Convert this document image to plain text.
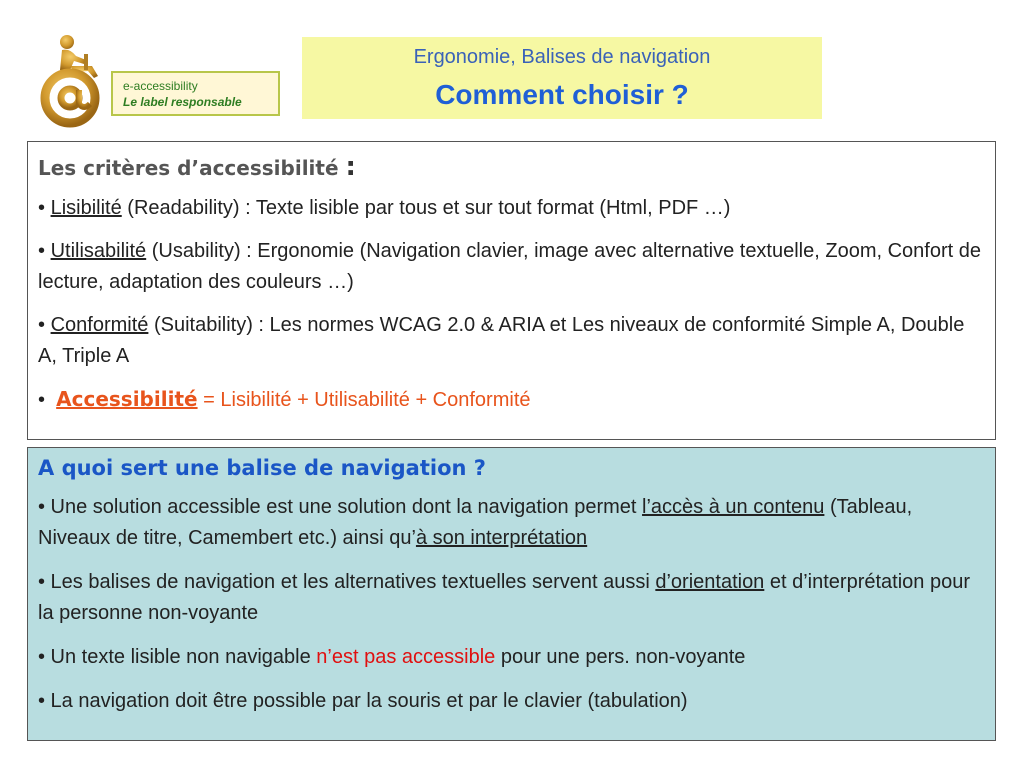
e-accessibility
Le label responsable
Ergonomie, Balises de navigation
Comment choisir ?
Les critères d’accessibilité :

• Lisibilité (Readability) : Texte lisible par tous et sur tout format (Html, PDF …)

• Utilisabilité (Usability) : Ergonomie (Navigation clavier, image avec alternative textuelle, Zoom, Confort de lecture, adaptation des couleurs …)

• Conformité (Suitability) : Les normes WCAG 2.0 & ARIA et Les niveaux de conformité Simple A, Double A, Triple A

• Accessibilité = Lisibilité + Utilisabilité + Conformité

A quoi sert une balise de navigation ?

• Une solution accessible est une solution dont la navigation permet l’accès à un contenu (Tableau, Niveaux de titre, Camembert etc.) ainsi qu’à son interprétation

• Les balises de navigation et les alternatives textuelles servent aussi d’orientation et d’interprétation pour la personne non-voyante

• Un texte lisible non navigable n’est pas accessible pour une pers. non-voyante

• La navigation doit être possible par la souris et par le clavier (tabulation)
